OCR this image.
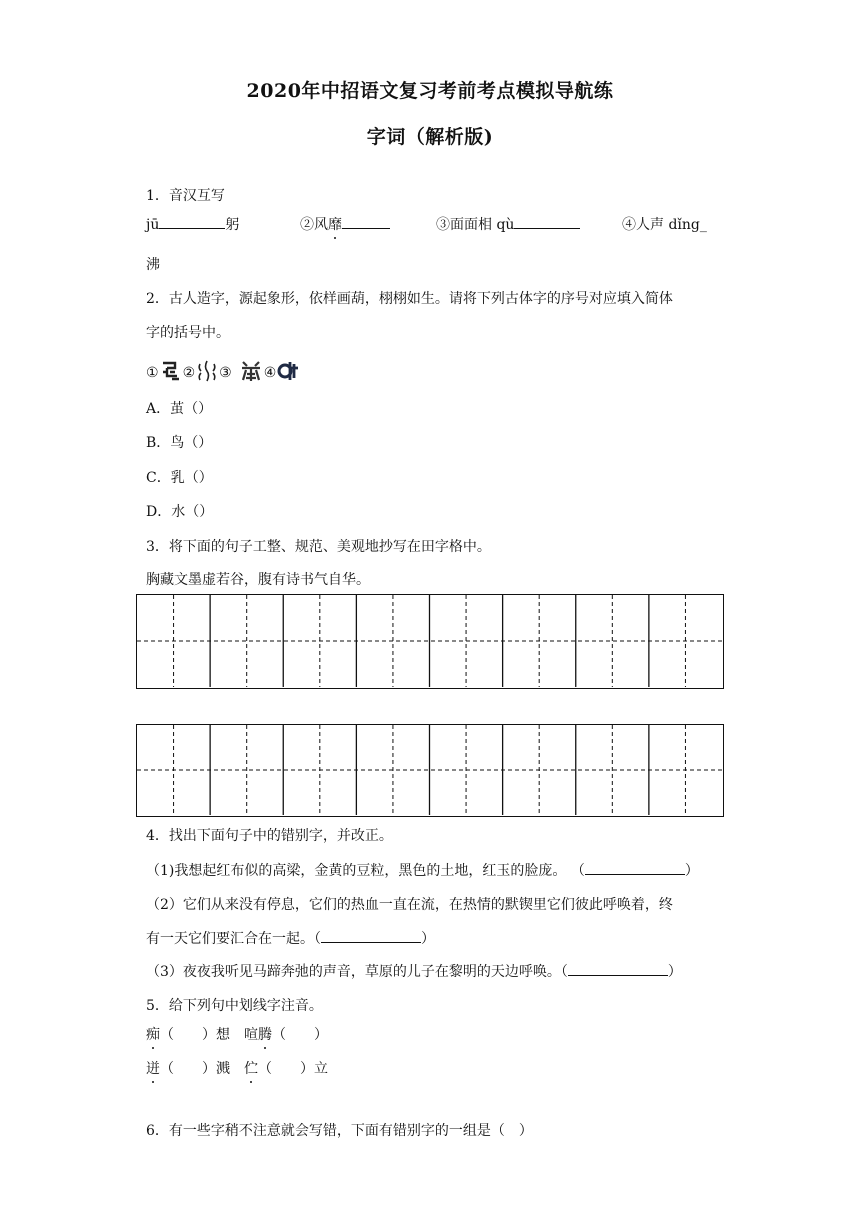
2020年中招语文复习考前考点模拟导航练
字词（解析版)
1．音汉互写
jū	躬	②风靡	③面面相 qù	④人声 dǐng_
沸
2．古人造字，源起象形，依样画葫，栩栩如生。请将下列古体字的序号对应填入简体
字的括号中。
① ② ③ ④
A．茧（）
B．鸟（）
C．乳（）
D．水（）
3．将下面的句子工整、规范、美观地抄写在田字格中。
胸藏文墨虚若谷，腹有诗书气自华。
4．找出下面句子中的错别字，并改正。
（1)我想起红布似的高梁，金黄的豆粒，黑色的土地，红玉的脸庞。 （	）
（2）它们从来没有停息，它们的热血一直在流，在热情的默锲里它们彼此呼唤着，终
有一天它们要汇合在一起。（	）
（3）夜夜我听见马蹄奔弛的声音，草原的儿子在黎明的天边呼唤。（	）
5．给下列句中划线字注音。
痴（　　）想　喧腾（　　）
迸（　　）溅　伫（　　）立
6．有一些字稍不注意就会写错，下面有错别字的一组是（　）
